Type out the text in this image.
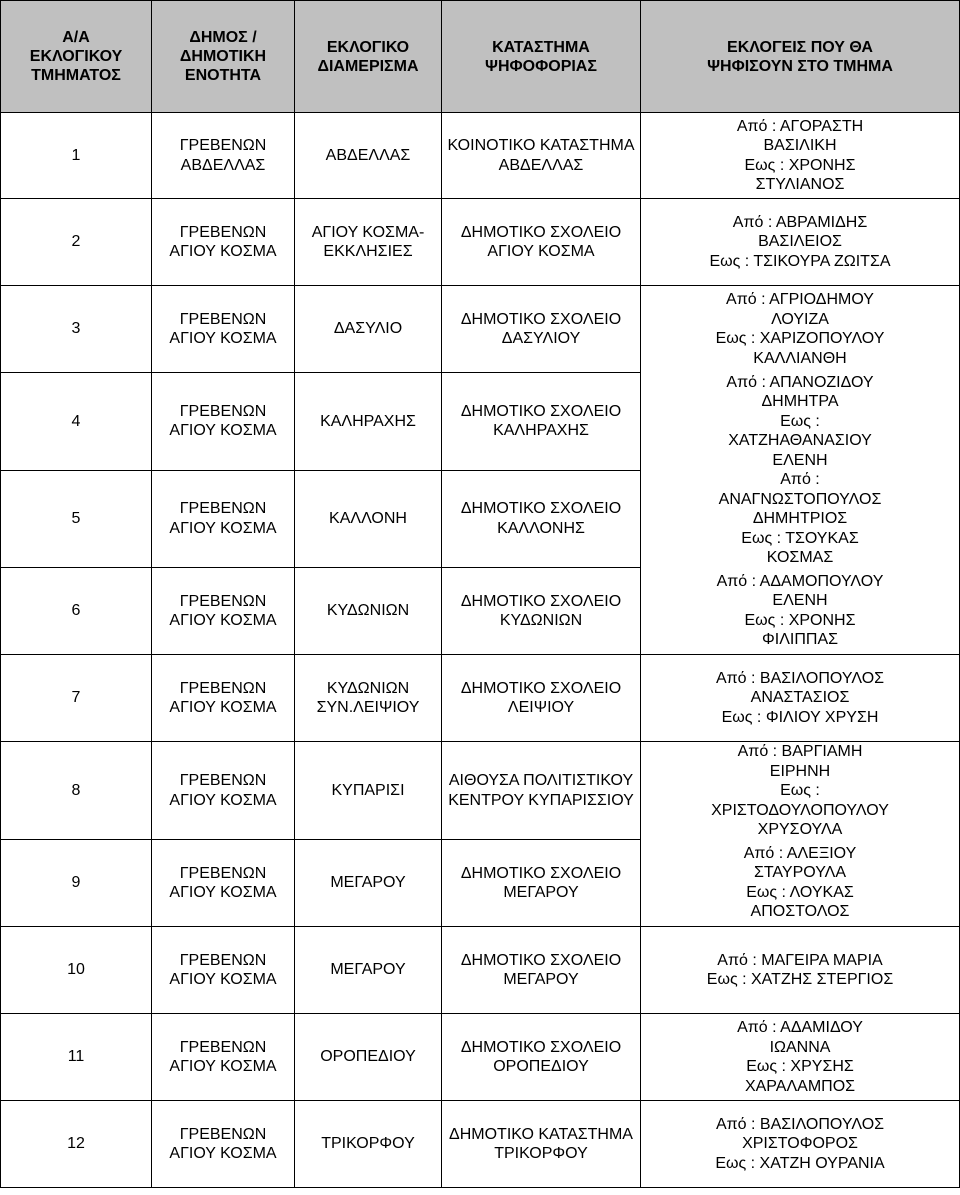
Α/Α
ΕΚΛΟΓΙΚΟΥ
ΤΜΗΜΑΤΟΣ	ΔΗΜΟΣ /
ΔΗΜΟΤΙΚΗ
ΕΝΟΤΗΤΑ	ΕΚΛΟΓΙΚΟ
ΔΙΑΜΕΡΙΣΜΑ	ΚΑΤΑΣΤΗΜΑ
ΨΗΦΟΦΟΡΙΑΣ	ΕΚΛΟΓΕΙΣ ΠΟΥ ΘΑ
ΨΗΦΙΣΟΥΝ ΣΤΟ ΤΜΗΜΑ

1	ΓΡΕΒΕΝΩΝ
ΑΒΔΕΛΛΑΣ	ΑΒΔΕΛΛΑΣ	ΚΟΙΝΟΤΙΚΟ ΚΑΤΑΣΤΗΜΑ
ΑΒΔΕΛΛΑΣ	Από : ΑΓΟΡΑΣΤΗ
ΒΑΣΙΛΙΚΗ
Εως : ΧΡΟΝΗΣ
ΣΤΥΛΙΑΝΟΣ

2	ΓΡΕΒΕΝΩΝ
ΑΓΙΟΥ ΚΟΣΜΑ	ΑΓΙΟΥ ΚΟΣΜΑ-
ΕΚΚΛΗΣΙΕΣ	ΔΗΜΟΤΙΚΟ ΣΧΟΛΕΙΟ
ΑΓΙΟΥ ΚΟΣΜΑ	Από : ΑΒΡΑΜΙΔΗΣ
ΒΑΣΙΛΕΙΟΣ
Εως : ΤΣΙΚΟΥΡΑ ΖΩΙΤΣΑ

3	ΓΡΕΒΕΝΩΝ
ΑΓΙΟΥ ΚΟΣΜΑ	ΔΑΣΥΛΙΟ	ΔΗΜΟΤΙΚΟ ΣΧΟΛΕΙΟ
ΔΑΣΥΛΙΟΥ	Από : ΑΓΡΙΟΔΗΜΟΥ
ΛΟΥΙΖΑ
Εως : ΧΑΡΙΖΟΠΟΥΛΟΥ
ΚΑΛΛΙΑΝΘΗ

4	ΓΡΕΒΕΝΩΝ
ΑΓΙΟΥ ΚΟΣΜΑ	ΚΑΛΗΡΑΧΗΣ	ΔΗΜΟΤΙΚΟ ΣΧΟΛΕΙΟ
ΚΑΛΗΡΑΧΗΣ	Από : ΑΠΑΝΟΖΙΔΟΥ
ΔΗΜΗΤΡΑ
Εως :
ΧΑΤΖΗΑΘΑΝΑΣΙΟΥ
ΕΛΕΝΗ

5	ΓΡΕΒΕΝΩΝ
ΑΓΙΟΥ ΚΟΣΜΑ	ΚΑΛΛΟΝΗ	ΔΗΜΟΤΙΚΟ ΣΧΟΛΕΙΟ
ΚΑΛΛΟΝΗΣ	Από :
ΑΝΑΓΝΩΣΤΟΠΟΥΛΟΣ
ΔΗΜΗΤΡΙΟΣ
Εως : ΤΣΟΥΚΑΣ
ΚΟΣΜΑΣ

6	ΓΡΕΒΕΝΩΝ
ΑΓΙΟΥ ΚΟΣΜΑ	ΚΥΔΩΝΙΩΝ	ΔΗΜΟΤΙΚΟ ΣΧΟΛΕΙΟ
ΚΥΔΩΝΙΩΝ	Από : ΑΔΑΜΟΠΟΥΛΟΥ
ΕΛΕΝΗ
Εως : ΧΡΟΝΗΣ
ΦΙΛΙΠΠΑΣ

7	ΓΡΕΒΕΝΩΝ
ΑΓΙΟΥ ΚΟΣΜΑ	ΚΥΔΩΝΙΩΝ
ΣΥΝ.ΛΕΙΨΙΟΥ	ΔΗΜΟΤΙΚΟ ΣΧΟΛΕΙΟ
ΛΕΙΨΙΟΥ	Από : ΒΑΣΙΛΟΠΟΥΛΟΣ
ΑΝΑΣΤΑΣΙΟΣ
Εως : ΦΙΛΙΟΥ ΧΡΥΣΗ

8	ΓΡΕΒΕΝΩΝ
ΑΓΙΟΥ ΚΟΣΜΑ	ΚΥΠΑΡΙΣΙ	ΑΙΘΟΥΣΑ ΠΟΛΙΤΙΣΤΙΚΟΥ
ΚΕΝΤΡΟΥ ΚΥΠΑΡΙΣΣΙΟΥ	Από : ΒΑΡΓΙΑΜΗ
ΕΙΡΗΝΗ
Εως :
ΧΡΙΣΤΟΔΟΥΛΟΠΟΥΛΟΥ
ΧΡΥΣΟΥΛΑ

9	ΓΡΕΒΕΝΩΝ
ΑΓΙΟΥ ΚΟΣΜΑ	ΜΕΓΑΡΟΥ	ΔΗΜΟΤΙΚΟ ΣΧΟΛΕΙΟ
ΜΕΓΑΡΟΥ	Από : ΑΛΕΞΙΟΥ
ΣΤΑΥΡΟΥΛΑ
Εως : ΛΟΥΚΑΣ
ΑΠΟΣΤΟΛΟΣ

10	ΓΡΕΒΕΝΩΝ
ΑΓΙΟΥ ΚΟΣΜΑ	ΜΕΓΑΡΟΥ	ΔΗΜΟΤΙΚΟ ΣΧΟΛΕΙΟ
ΜΕΓΑΡΟΥ	Από : ΜΑΓΕΙΡΑ ΜΑΡΙΑ
Εως : ΧΑΤΖΗΣ ΣΤΕΡΓΙΟΣ

11	ΓΡΕΒΕΝΩΝ
ΑΓΙΟΥ ΚΟΣΜΑ	ΟΡΟΠΕΔΙΟΥ	ΔΗΜΟΤΙΚΟ ΣΧΟΛΕΙΟ
ΟΡΟΠΕΔΙΟΥ	Από : ΑΔΑΜΙΔΟΥ
ΙΩΑΝΝΑ
Εως : ΧΡΥΣΗΣ
ΧΑΡΑΛΑΜΠΟΣ

12	ΓΡΕΒΕΝΩΝ
ΑΓΙΟΥ ΚΟΣΜΑ	ΤΡΙΚΟΡΦΟΥ	ΔΗΜΟΤΙΚΟ ΚΑΤΑΣΤΗΜΑ
ΤΡΙΚΟΡΦΟΥ	Από : ΒΑΣΙΛΟΠΟΥΛΟΣ
ΧΡΙΣΤΟΦΟΡΟΣ
Εως : ΧΑΤΖΗ ΟΥΡΑΝΙΑ
